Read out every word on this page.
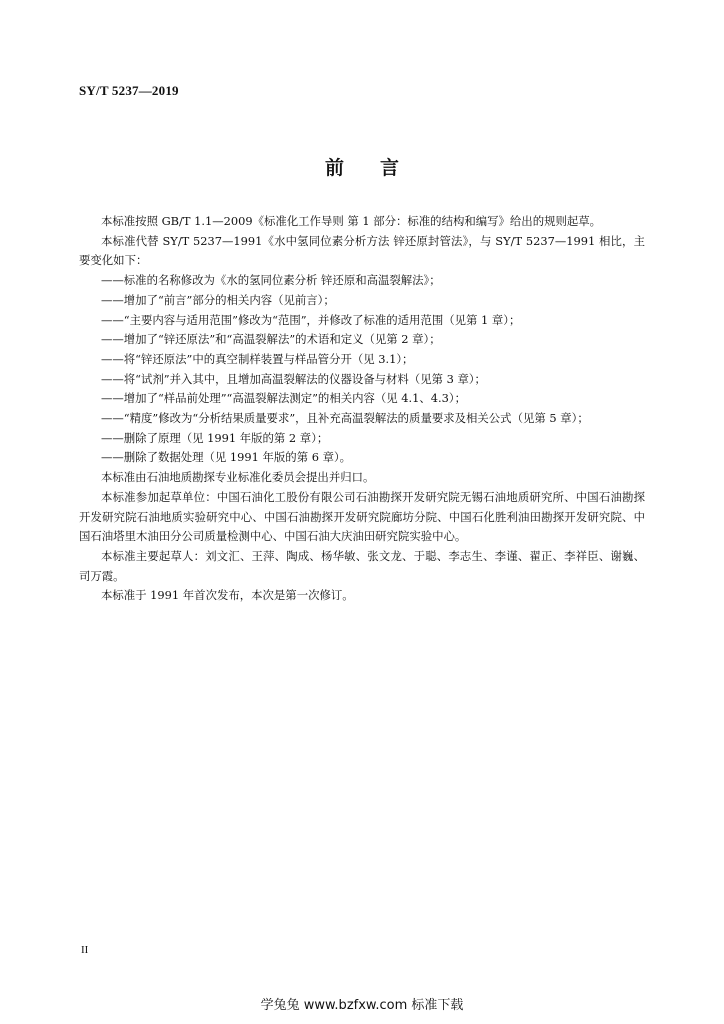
SY/T 5237—2019
前言

本标准按照 GB/T 1.1—2009《标准化工作导则 第 1 部分：标准的结构和编写》给出的规则起草。

本标准代替 SY/T 5237—1991《水中氢同位素分析方法 锌还原封管法》，与 SY/T 5237—1991 相比，主要变化如下：

——标准的名称修改为《水的氢同位素分析 锌还原和高温裂解法》；

——增加了“前言”部分的相关内容（见前言）；

——“主要内容与适用范围”修改为“范围”，并修改了标准的适用范围（见第 1 章）；

——增加了“锌还原法”和“高温裂解法”的术语和定义（见第 2 章）；

——将“锌还原法”中的真空制样装置与样品管分开（见 3.1）；

——将“试剂”并入其中，且增加高温裂解法的仪器设备与材料（见第 3 章）；

——增加了“样品前处理”“高温裂解法测定”的相关内容（见 4.1、4.3）；

——“精度”修改为“分析结果质量要求”，且补充高温裂解法的质量要求及相关公式（见第 5 章）；

——删除了原理（见 1991 年版的第 2 章）；

——删除了数据处理（见 1991 年版的第 6 章）。

本标准由石油地质勘探专业标准化委员会提出并归口。

本标准参加起草单位：中国石油化工股份有限公司石油勘探开发研究院无锡石油地质研究所、中国石油勘探开发研究院石油地质实验研究中心、中国石油勘探开发研究院廊坊分院、中国石化胜利油田勘探开发研究院、中国石油塔里木油田分公司质量检测中心、中国石油大庆油田研究院实验中心。

本标准主要起草人：刘文汇、王萍、陶成、杨华敏、张文龙、于聪、李志生、李谨、翟正、李祥臣、谢巍、司万霞。

本标准于 1991 年首次发布，本次是第一次修订。

II
学兔兔 www.bzfxw.com 标准下载
